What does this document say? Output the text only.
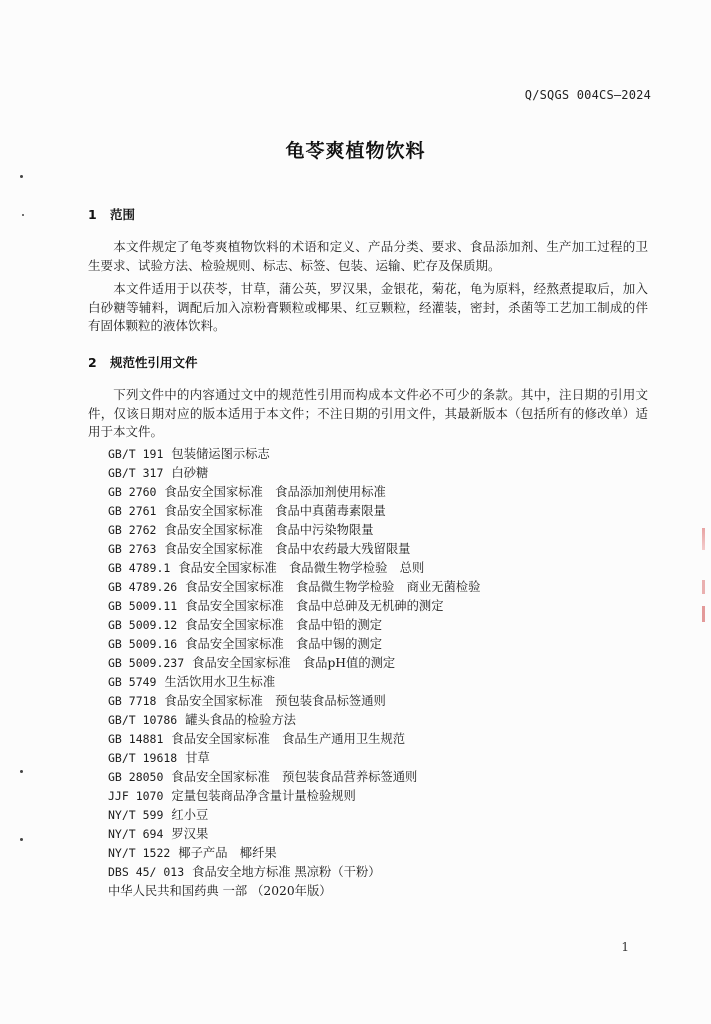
Q/SQGS 004CS—2024
龟苓爽植物饮料
1 范围
本文件规定了龟苓爽植物饮料的术语和定义、产品分类、要求、食品添加剂、生产加工过程的卫生要求、试验方法、检验规则、标志、标签、包装、运输、贮存及保质期。
本文件适用于以茯苓，甘草，蒲公英，罗汉果，金银花，菊花，龟为原料，经熬煮提取后，加入白砂糖等辅料，调配后加入凉粉膏颗粒或椰果、红豆颗粒，经灌装，密封，杀菌等工艺加工制成的伴有固体颗粒的液体饮料。
2 规范性引用文件
下列文件中的内容通过文中的规范性引用而构成本文件必不可少的条款。其中，注日期的引用文件，仅该日期对应的版本适用于本文件；不注日期的引用文件，其最新版本（包括所有的修改单）适用于本文件。
GB/T 191 包装储运图示标志
GB/T 317 白砂糖
GB 2760 食品安全国家标准　食品添加剂使用标准
GB 2761 食品安全国家标准　食品中真菌毒素限量
GB 2762 食品安全国家标准　食品中污染物限量
GB 2763 食品安全国家标准　食品中农药最大残留限量
GB 4789.1 食品安全国家标准　食品微生物学检验　总则
GB 4789.26 食品安全国家标准　食品微生物学检验　商业无菌检验
GB 5009.11 食品安全国家标准　食品中总砷及无机砷的测定
GB 5009.12 食品安全国家标准　食品中铅的测定
GB 5009.16 食品安全国家标准　食品中锡的测定
GB 5009.237 食品安全国家标准　食品pH值的测定
GB 5749 生活饮用水卫生标准
GB 7718 食品安全国家标准　预包装食品标签通则
GB/T 10786 罐头食品的检验方法
GB 14881 食品安全国家标准　食品生产通用卫生规范
GB/T 19618 甘草
GB 28050 食品安全国家标准　预包装食品营养标签通则
JJF 1070 定量包装商品净含量计量检验规则
NY/T 599 红小豆
NY/T 694 罗汉果
NY/T 1522 椰子产品　椰纤果
DBS 45/ 013 食品安全地方标准 黑凉粉（干粉）
中华人民共和国药典 一部 （2020年版）
1
